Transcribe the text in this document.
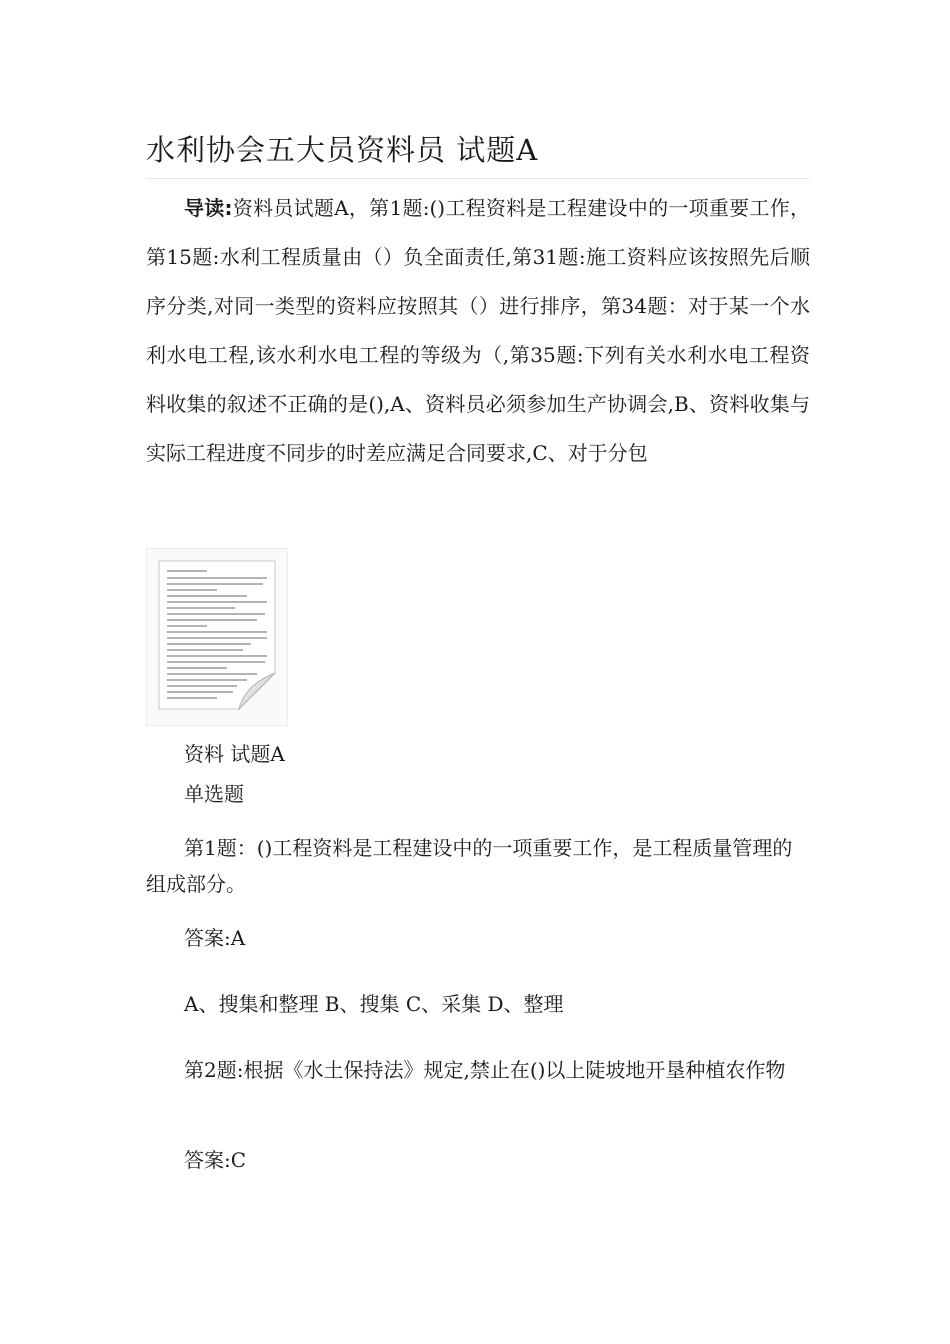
水利协会五大员资料员 试题A
导读:资料员试题A，第1题:()工程资料是工程建设中的一项重要工作，第15题:水利工程质量由（）负全面责任,第31题:施工资料应该按照先后顺序分类,对同一类型的资料应按照其（）进行排序，第34题：对于某一个水利水电工程,该水利水电工程的等级为（,第35题:下列有关水利水电工程资料收集的叙述不正确的是(),A、资料员必须参加生产协调会,B、资料收集与实际工程进度不同步的时差应满足合同要求,C、对于分包
资料 试题A
单选题
第1题：()工程资料是工程建设中的一项重要工作，是工程质量管理的组成部分。
答案:A
A、搜集和整理 B、搜集 C、采集 D、整理
第2题:根据《水土保持法》规定,禁止在()以上陡坡地开垦种植农作物
答案:C
